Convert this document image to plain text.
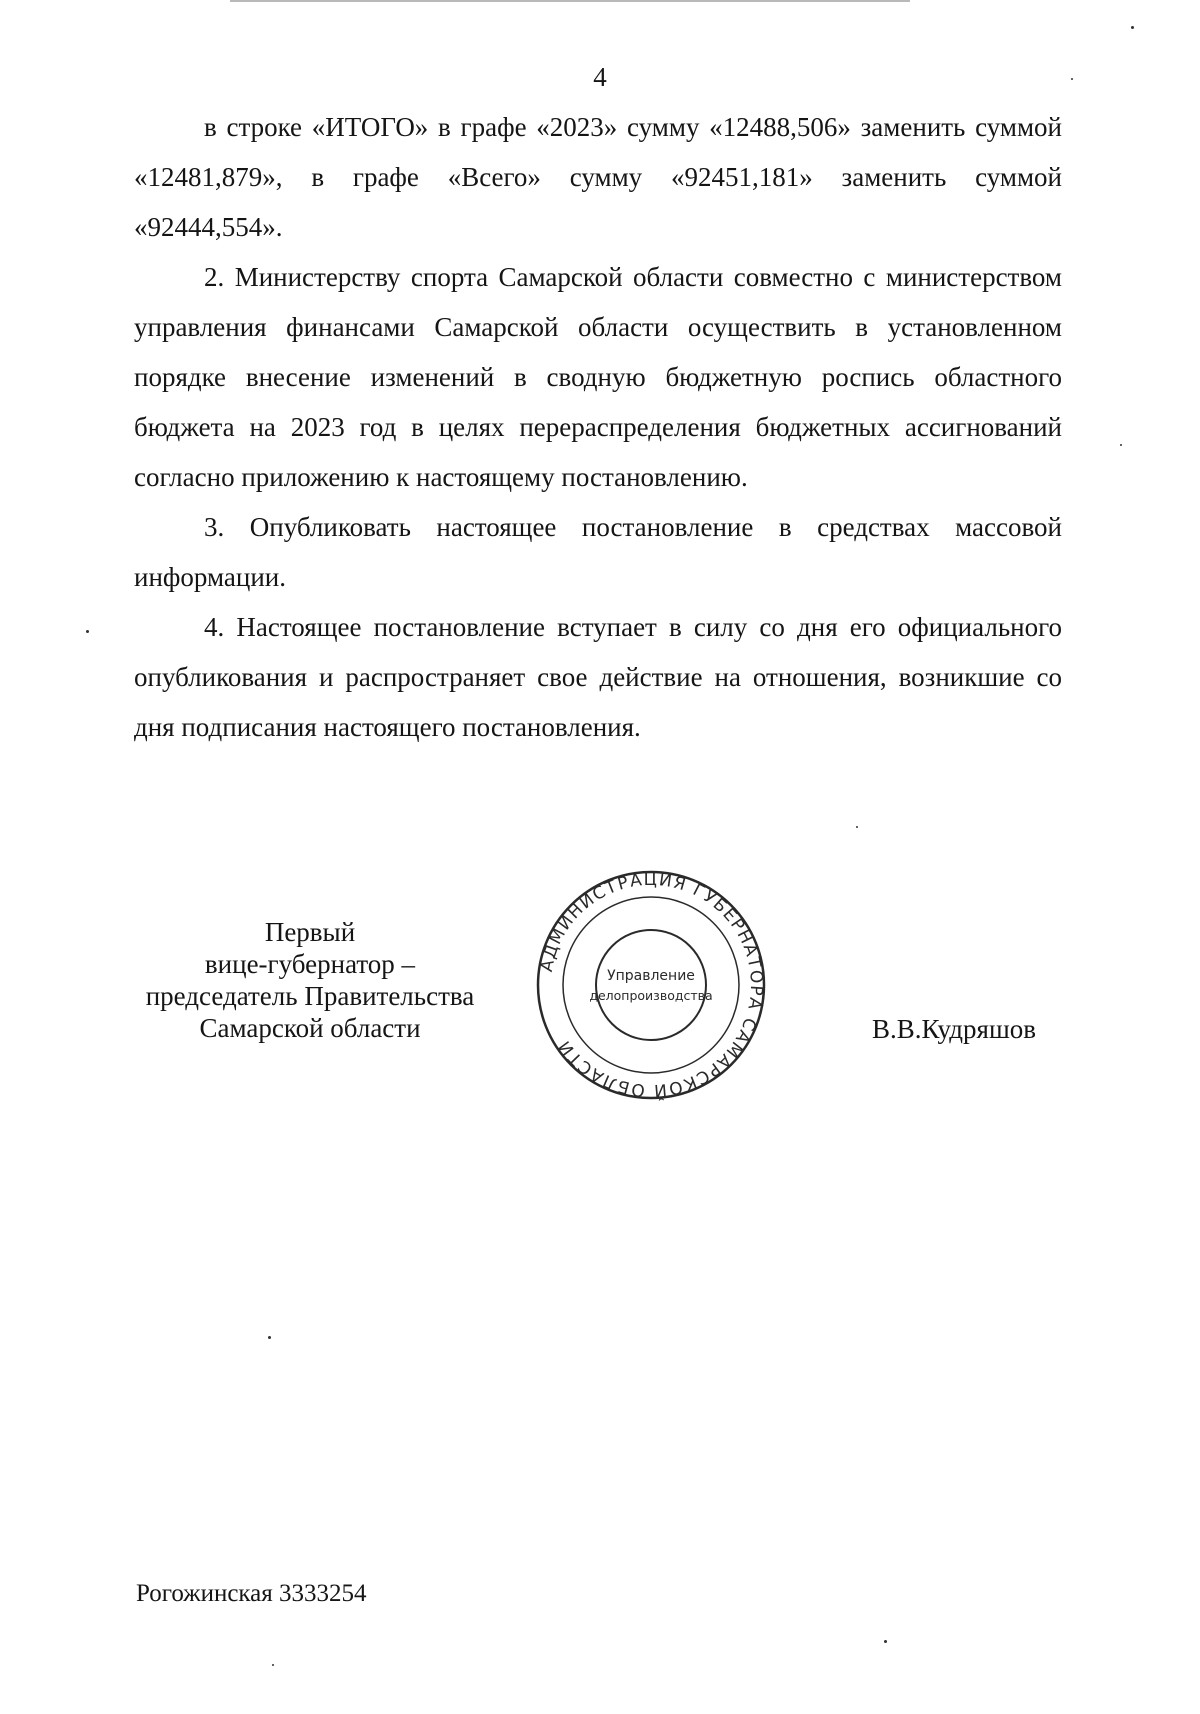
4

в строке «ИТОГО» в графе «2023» сумму «12488,506» заменить суммой «12481,879», в графе «Всего» сумму «92451,181» заменить суммой «92444,554».

2. Министерству спорта Самарской области совместно с министерством управления финансами Самарской области осуществить в установленном порядке внесение изменений в сводную бюджетную роспись областного бюджета на 2023 год в целях перераспределения бюджетных ассигнований согласно приложению к настоящему постановлению.

3. Опубликовать настоящее постановление в средствах массовой информации.

4. Настоящее постановление вступает в силу со дня его официального опубликования и распространяет свое действие на отношения, возникшие со дня подписания настоящего постановления.

Первый
вице-губернатор –
председатель Правительства
Самарской области
АДМИНИСТРАЦИЯ ГУБЕРНАТОРА САМАРСКОЙ ОБЛАСТИ
Управление
делопроизводства
В.В.Кудряшов
Рогожинская 3333254
